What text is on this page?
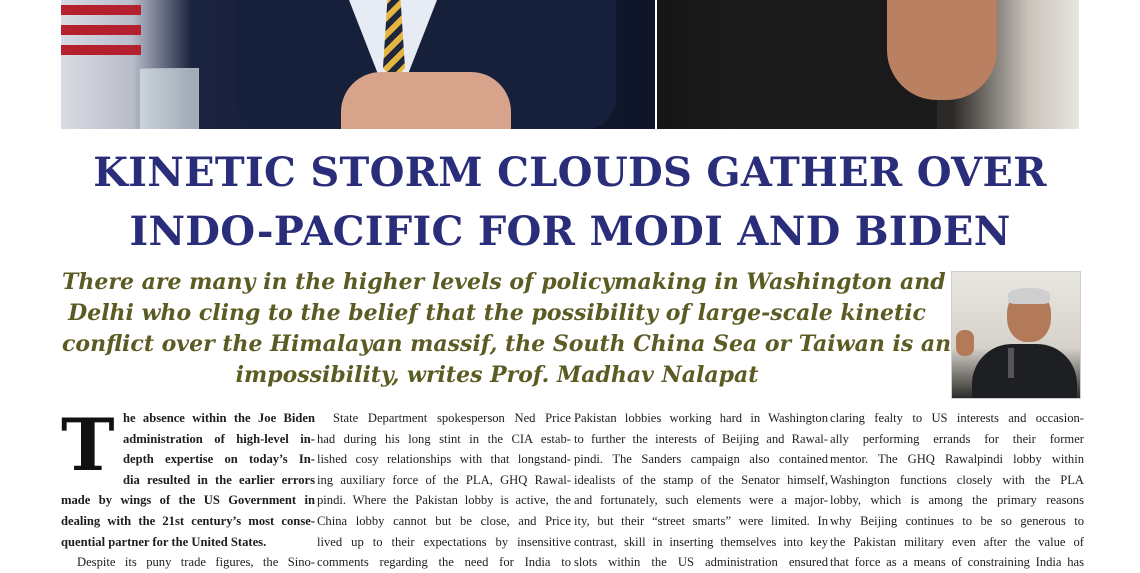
KINETIC STORM CLOUDS GATHER OVER
INDO-PACIFIC FOR MODI AND BIDEN
There are many in the higher levels of policymaking in Washington and
Delhi who cling to the belief that the possibility of large-scale kinetic
conflict over the Himalayan massif, the South China Sea or Taiwan is an
impossibility, writes Prof. Madhav Nalapat
T he absence within the Joe Biden
administration of high-level in-
depth expertise on today’s In-
dia resulted in the earlier errors
made by wings of the US Government in
dealing with the 21st century’s most conse-
quential partner for the United States.
Despite its puny trade figures, the Sino-
State Department spokesperson Ned Price
had during his long stint in the CIA estab-
lished cosy relationships with that longstand-
ing auxiliary force of the PLA, GHQ Rawal-
pindi. Where the Pakistan lobby is active, the
China lobby cannot but be close, and Price
lived up to their expectations by insensitive
comments regarding the need for India to
Pakistan lobbies working hard in Washington
to further the interests of Beijing and Rawal-
pindi. The Sanders campaign also contained
idealists of the stamp of the Senator himself,
and fortunately, such elements were a major-
ity, but their “street smarts” were limited. In
contrast, skill in inserting themselves into key
slots within the US administration ensured
claring fealty to US interests and occasion-
ally performing errands for their former
mentor. The GHQ Rawalpindi lobby within
Washington functions closely with the PLA
lobby, which is among the primary reasons
why Beijing continues to be so generous to
the Pakistan military even after the value of
that force as a means of constraining India has
